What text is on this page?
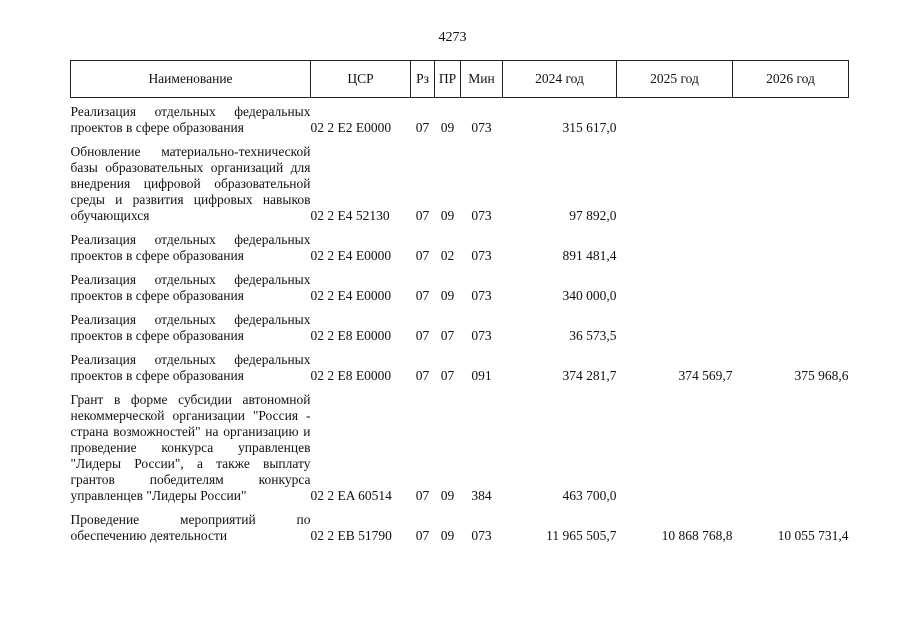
4273
Наименование	ЦСР	Рз	ПР	Мин	2024 год	2025 год	2026 год

Реализация отдельных федеральных проектов в сфере образования	02 2 E2 E0000	07	09	073	315 617,0		

Обновление материально-технической базы образовательных организаций для внедрения цифровой образовательной среды и развития цифровых навыков обучающихся	02 2 E4 52130	07	09	073	97 892,0		

Реализация отдельных федеральных проектов в сфере образования	02 2 E4 E0000	07	02	073	891 481,4		

Реализация отдельных федеральных проектов в сфере образования	02 2 E4 E0000	07	09	073	340 000,0		

Реализация отдельных федеральных проектов в сфере образования	02 2 E8 E0000	07	07	073	36 573,5		

Реализация отдельных федеральных проектов в сфере образования	02 2 E8 E0000	07	07	091	374 281,7	374 569,7	375 968,6

Грант в форме субсидии автономной некоммерческой организации "Россия - страна возможностей" на организацию и проведение конкурса управленцев "Лидеры России", а также выплату грантов победителям конкурса управленцев "Лидеры России"	02 2 EA 60514	07	09	384	463 700,0		

Проведение мероприятий по обеспечению деятельности	02 2 EB 51790	07	09	073	11 965 505,7	10 868 768,8	10 055 731,4
